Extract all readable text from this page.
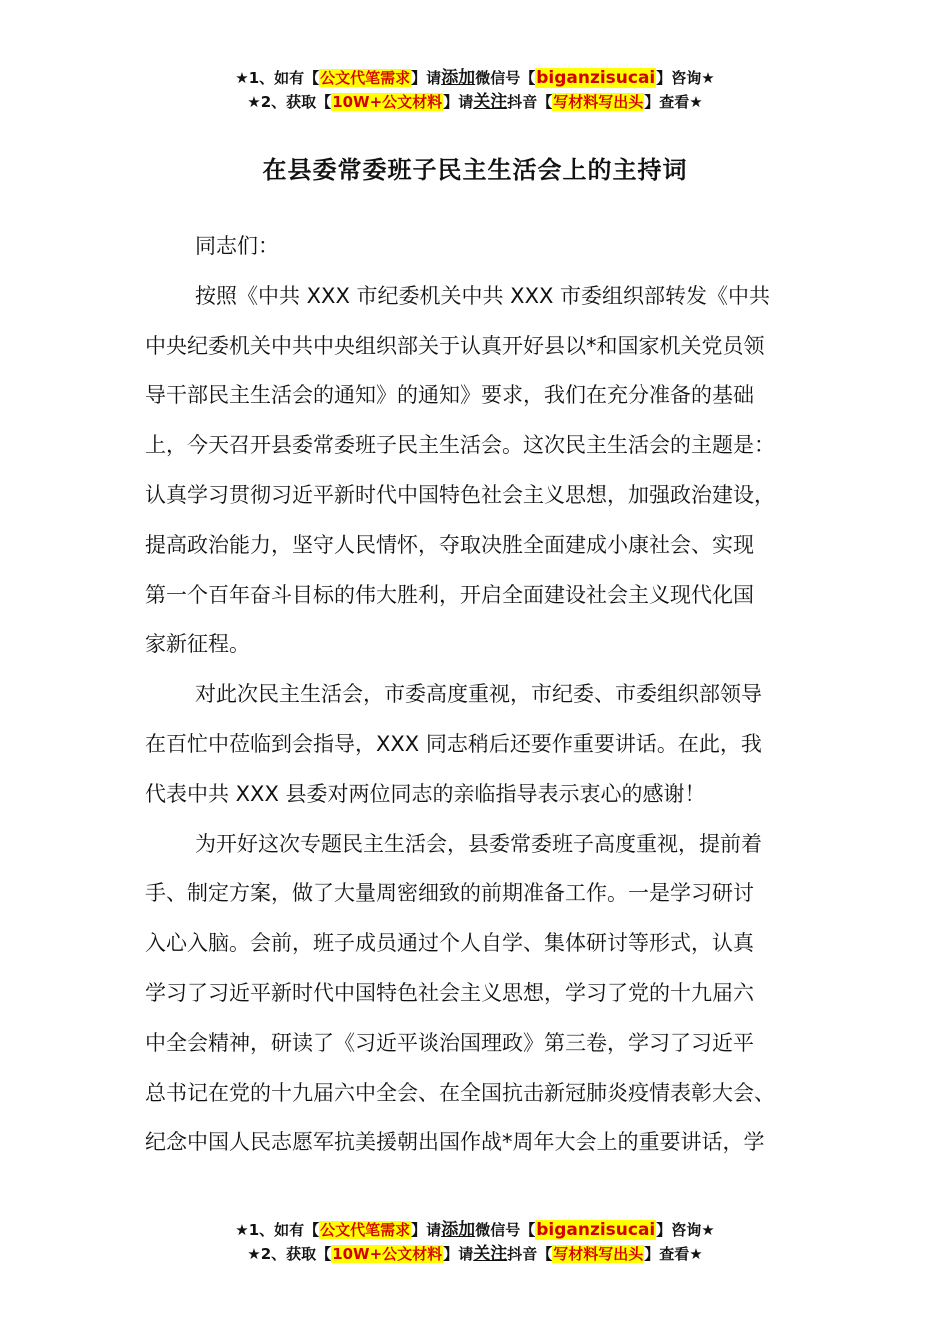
★1、如有【公文代笔需求】请添加微信号【biganzisucai】咨询★
★2、获取【10W+公文材料】请关注抖音【写材料写出头】查看★
在县委常委班子民主生活会上的主持词

同志们：

按照《中共 XXX 市纪委机关中共 XXX 市委组织部转发《中共

中央纪委机关中共中央组织部关于认真开好县以*和国家机关党员领

导干部民主生活会的通知》的通知》要求，我们在充分准备的基础

上，今天召开县委常委班子民主生活会。这次民主生活会的主题是：

认真学习贯彻习近平新时代中国特色社会主义思想，加强政治建设，

提高政治能力，坚守人民情怀，夺取决胜全面建成小康社会、实现

第一个百年奋斗目标的伟大胜利，开启全面建设社会主义现代化国

家新征程。

对此次民主生活会，市委高度重视，市纪委、市委组织部领导

在百忙中莅临到会指导，XXX 同志稍后还要作重要讲话。在此，我

代表中共 XXX 县委对两位同志的亲临指导表示衷心的感谢！

为开好这次专题民主生活会，县委常委班子高度重视，提前着

手、制定方案，做了大量周密细致的前期准备工作。一是学习研讨

入心入脑。会前，班子成员通过个人自学、集体研讨等形式，认真

学习了习近平新时代中国特色社会主义思想，学习了党的十九届六

中全会精神，研读了《习近平谈治国理政》第三卷，学习了习近平

总书记在党的十九届六中全会、在全国抗击新冠肺炎疫情表彰大会、

纪念中国人民志愿军抗美援朝出国作战*周年大会上的重要讲话，学

★1、如有【公文代笔需求】请添加微信号【biganzisucai】咨询★
★2、获取【10W+公文材料】请关注抖音【写材料写出头】查看★
